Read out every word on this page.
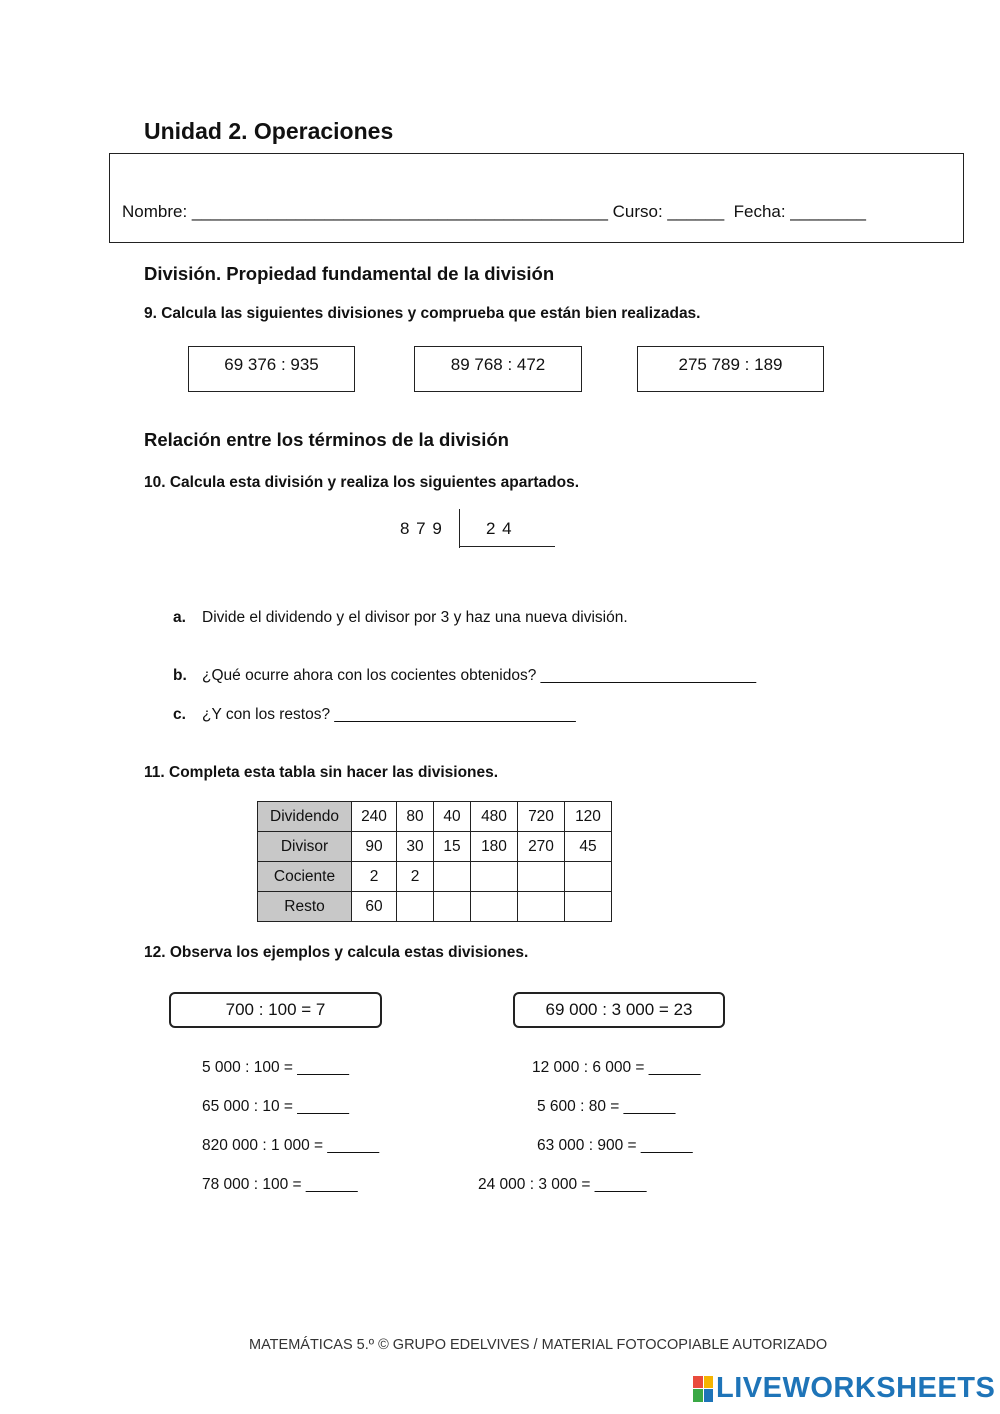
Unidad 2. Operaciones
Nombre: ____________________________________________ Curso: ______  Fecha: ________
División. Propiedad fundamental de la división
9. Calcula las siguientes divisiones y comprueba que están bien realizadas.
69 376 : 935	89 768 : 472	275 789 : 189
Relación entre los términos de la división
10. Calcula esta división y realiza los siguientes apartados.
8 7 9	2 4
a. Divide el dividendo y el divisor por 3 y haz una nueva división.
b. ¿Qué ocurre ahora con los cocientes obtenidos? _________________________
c. ¿Y con los restos? ____________________________
11. Completa esta tabla sin hacer las divisiones.
Dividendo	240	80	40	480	720	120
Divisor	90	30	15	180	270	45
Cociente	2	2				
Resto	60					
12. Observa los ejemplos y calcula estas divisiones.
700 : 100 = 7	69 000 : 3 000 = 23
5 000 : 100 = ______
65 000 : 10 = ______
820 000 : 1 000 = ______
78 000 : 100 = ______
12 000 : 6 000 = ______
5 600 : 80 = ______
63 000 : 900 = ______
24 000 : 3 000 = ______
MATEMÁTICAS 5.º © GRUPO EDELVIVES / MATERIAL FOTOCOPIABLE AUTORIZADO
LIVEWORKSHEETS
